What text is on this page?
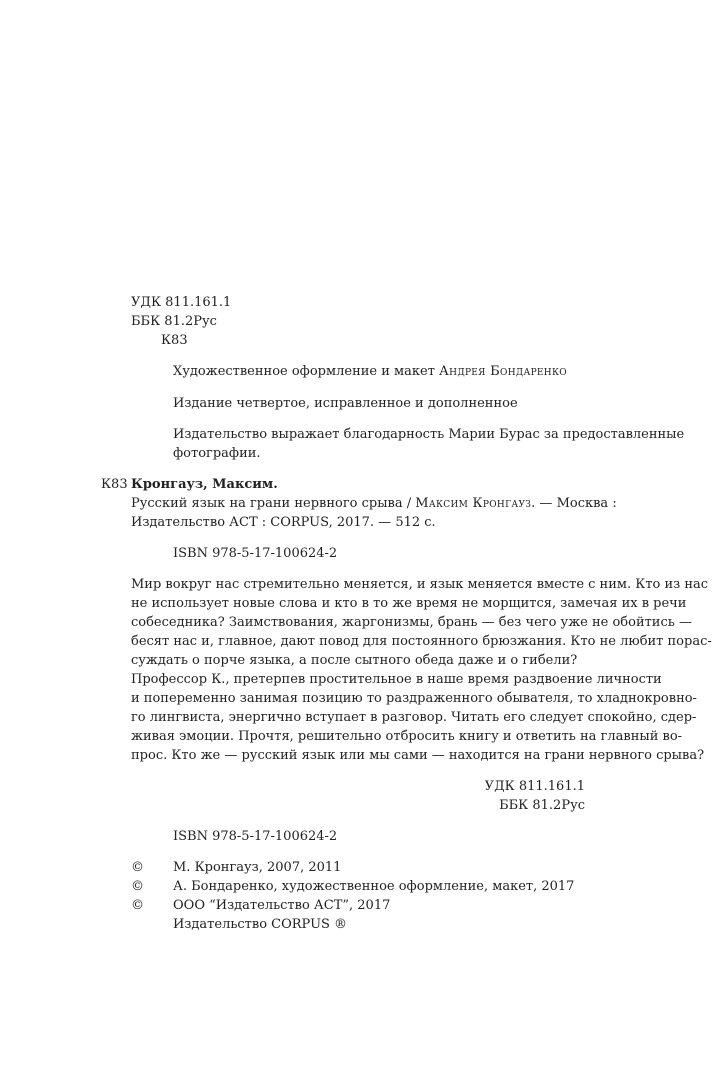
УДК 811.161.1
ББК 81.2Рус
К83
Художественное оформление и макет Андрея Бондаренко
Издание четвертое, исправленное и дополненное
Издательство выражает благодарность Марии Бурас за предоставленные
фотографии.
К83 Кронгауз, Максим.
Русский язык на грани нервного срыва / Максим Кронгауз. — Москва :
Издательство АСТ : CORPUS, 2017. — 512 с.
ISBN 978-5-17-100624-2
Мир вокруг нас стремительно меняется, и язык меняется вместе с ним. Кто из нас
не использует новые слова и кто в то же время не морщится, замечая их в речи
собеседника? Заимствования, жаргонизмы, брань — без чего уже не обойтись —
бесят нас и, главное, дают повод для постоянного брюзжания. Кто не любит порас-
суждать о порче языка, а после сытного обеда даже и о гибели?
Профессор К., претерпев простительное в наше время раздвоение личности
и попеременно занимая позицию то раздраженного обывателя, то хладнокровно-
го лингвиста, энергично вступает в разговор. Читать его следует спокойно, сдер-
живая эмоции. Прочтя, решительно отбросить книгу и ответить на главный во-
прос. Кто же — русский язык или мы сами — находится на грани нервного срыва?
УДК 811.161.1
ББК 81.2Рус
ISBN 978-5-17-100624-2
© М. Кронгауз, 2007, 2011
© А. Бондаренко, художественное оформление, макет, 2017
© ООО “Издательство АСТ”, 2017
Издательство CORPUS ®
